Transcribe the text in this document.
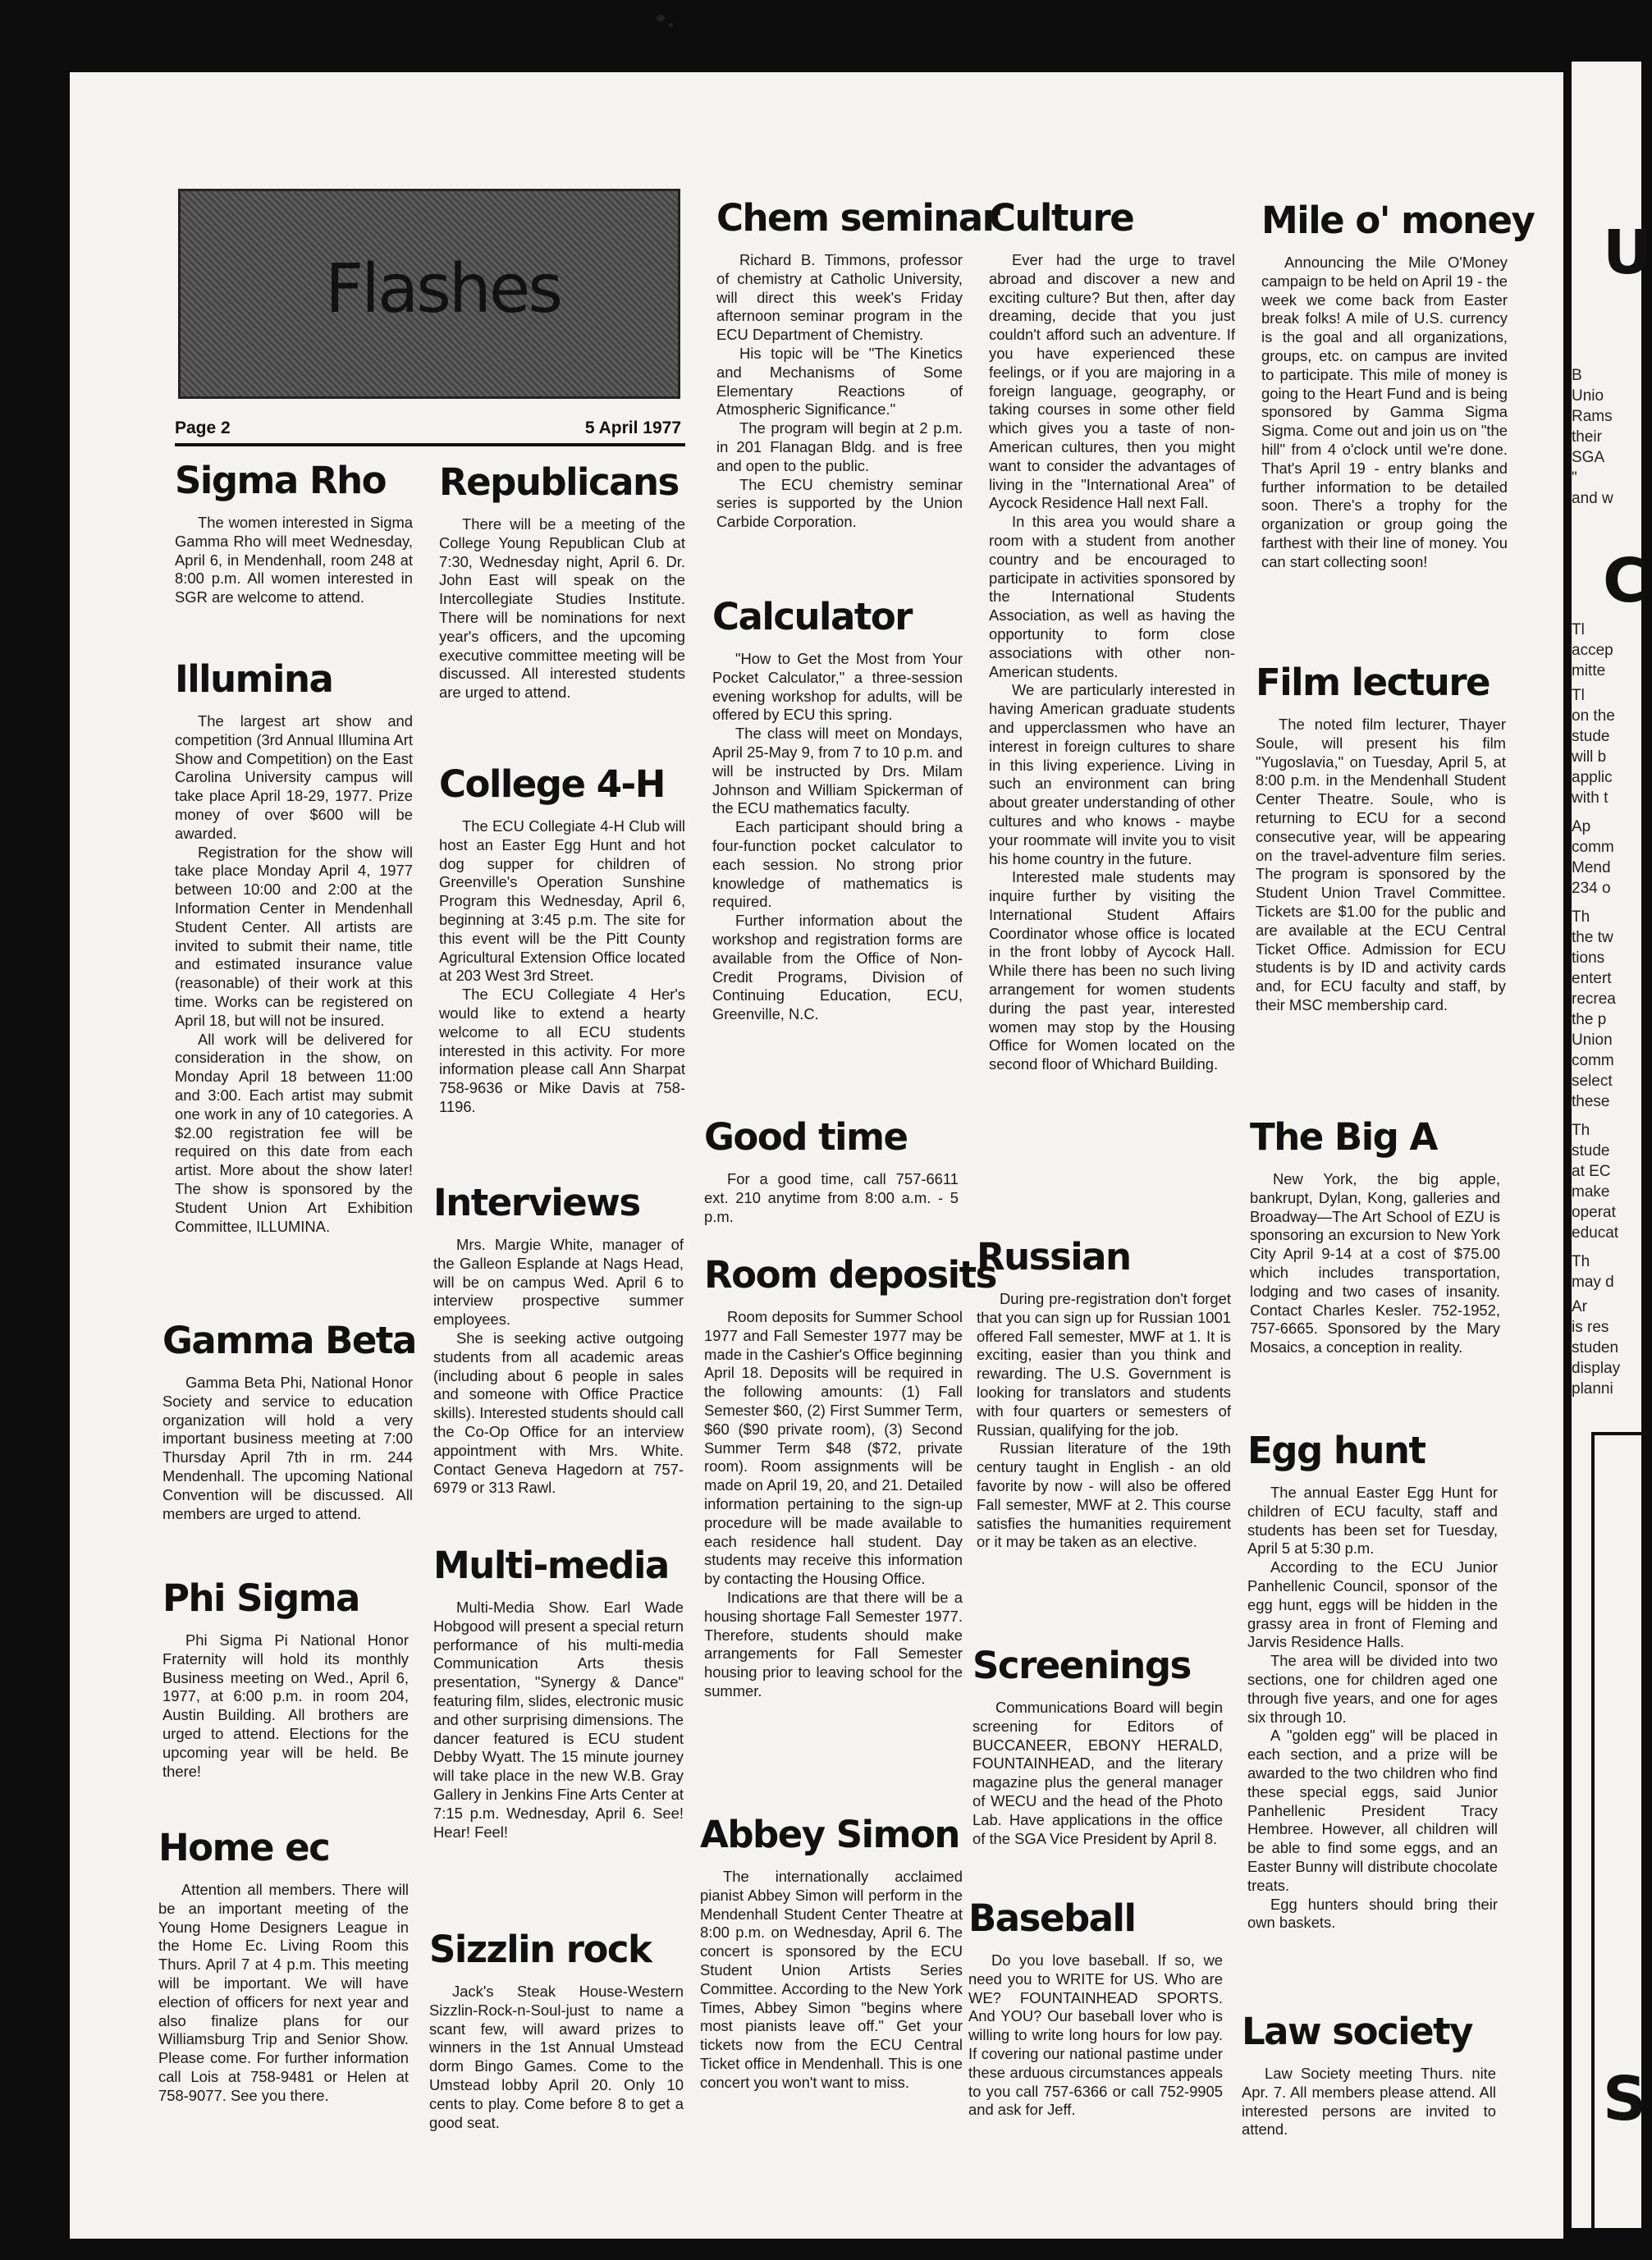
Flashes
Page 2	5 April 1977
Sigma Rho

The women interested in Sigma Gamma Rho will meet Wednesday, April 6, in Mendenhall, room 248 at 8:00 p.m. All women interested in SGR are welcome to attend.

Illumina

The largest art show and competition (3rd Annual Illumina Art Show and Competition) on the East Carolina University campus will take place April 18-29, 1977. Prize money of over $600 will be awarded.

Registration for the show will take place Monday April 4, 1977 between 10:00 and 2:00 at the Information Center in Mendenhall Student Center. All artists are invited to submit their name, title and estimated insurance value (reasonable) of their work at this time. Works can be registered on April 18, but will not be insured.

All work will be delivered for consideration in the show, on Monday April 18 between 11:00 and 3:00. Each artist may submit one work in any of 10 categories. A $2.00 registration fee will be required on this date from each artist. More about the show later! The show is sponsored by the Student Union Art Exhibition Committee, ILLUMINA.

Gamma Beta

Gamma Beta Phi, National Honor Society and service to education organization will hold a very important business meeting at 7:00 Thursday April 7th in rm. 244 Mendenhall. The upcoming National Convention will be discussed. All members are urged to attend.

Phi Sigma

Phi Sigma Pi National Honor Fraternity will hold its monthly Business meeting on Wed., April 6, 1977, at 6:00 p.m. in room 204, Austin Building. All brothers are urged to attend. Elections for the upcoming year will be held. Be there!

Home ec

Attention all members. There will be an important meeting of the Young Home Designers League in the Home Ec. Living Room this Thurs. April 7 at 4 p.m. This meeting will be important. We will have election of officers for next year and also finalize plans for our Williamsburg Trip and Senior Show. Please come. For further information call Lois at 758-9481 or Helen at 758-9077. See you there.

Republicans

There will be a meeting of the College Young Republican Club at 7:30, Wednesday night, April 6. Dr. John East will speak on the Intercollegiate Studies Institute. There will be nominations for next year's officers, and the upcoming executive committee meeting will be discussed. All interested students are urged to attend.

College 4-H

The ECU Collegiate 4-H Club will host an Easter Egg Hunt and hot dog supper for children of Greenville's Operation Sunshine Program this Wednesday, April 6, beginning at 3:45 p.m. The site for this event will be the Pitt County Agricultural Extension Office located at 203 West 3rd Street.

The ECU Collegiate 4 Her's would like to extend a hearty welcome to all ECU students interested in this activity. For more information please call Ann Sharpat 758-9636 or Mike Davis at 758-1196.

Interviews

Mrs. Margie White, manager of the Galleon Esplande at Nags Head, will be on campus Wed. April 6 to interview prospective summer employees.

She is seeking active outgoing students from all academic areas (including about 6 people in sales and someone with Office Practice skills). Interested students should call the Co-Op Office for an interview appointment with Mrs. White. Contact Geneva Hagedorn at 757-6979 or 313 Rawl.

Multi-media

Multi-Media Show. Earl Wade Hobgood will present a special return performance of his multi-media Communication Arts thesis presentation, "Synergy & Dance" featuring film, slides, electronic music and other surprising dimensions. The dancer featured is ECU student Debby Wyatt. The 15 minute journey will take place in the new W.B. Gray Gallery in Jenkins Fine Arts Center at 7:15 p.m. Wednesday, April 6. See! Hear! Feel!

Sizzlin rock

Jack's Steak House-Western Sizzlin-Rock-n-Soul-just to name a scant few, will award prizes to winners in the 1st Annual Umstead dorm Bingo Games. Come to the Umstead lobby April 20. Only 10 cents to play. Come before 8 to get a good seat.

Chem seminar

Richard B. Timmons, professor of chemistry at Catholic University, will direct this week's Friday afternoon seminar program in the ECU Department of Chemistry.

His topic will be "The Kinetics and Mechanisms of Some Elementary Reactions of Atmospheric Significance."

The program will begin at 2 p.m. in 201 Flanagan Bldg. and is free and open to the public.

The ECU chemistry seminar series is supported by the Union Carbide Corporation.

Calculator

"How to Get the Most from Your Pocket Calculator," a three-session evening workshop for adults, will be offered by ECU this spring.

The class will meet on Mondays, April 25-May 9, from 7 to 10 p.m. and will be instructed by Drs. Milam Johnson and William Spickerman of the ECU mathematics faculty.

Each participant should bring a four-function pocket calculator to each session. No strong prior knowledge of mathematics is required.

Further information about the workshop and registration forms are available from the Office of Non-Credit Programs, Division of Continuing Education, ECU, Greenville, N.C.

Good time

For a good time, call 757-6611 ext. 210 anytime from 8:00 a.m. - 5 p.m.

Room deposits

Room deposits for Summer School 1977 and Fall Semester 1977 may be made in the Cashier's Office beginning April 18. Deposits will be required in the following amounts: (1) Fall Semester $60, (2) First Summer Term, $60 ($90 private room), (3) Second Summer Term $48 ($72, private room). Room assignments will be made on April 19, 20, and 21. Detailed information pertaining to the sign-up procedure will be made available to each residence hall student. Day students may receive this information by contacting the Housing Office.

Indications are that there will be a housing shortage Fall Semester 1977. Therefore, students should make arrangements for Fall Semester housing prior to leaving school for the summer.

Abbey Simon

The internationally acclaimed pianist Abbey Simon will perform in the Mendenhall Student Center Theatre at 8:00 p.m. on Wednesday, April 6. The concert is sponsored by the ECU Student Union Artists Series Committee. According to the New York Times, Abbey Simon "begins where most pianists leave off." Get your tickets now from the ECU Central Ticket office in Mendenhall. This is one concert you won't want to miss.

Culture

Ever had the urge to travel abroad and discover a new and exciting culture? But then, after day dreaming, decide that you just couldn't afford such an adventure. If you have experienced these feelings, or if you are majoring in a foreign language, geography, or taking courses in some other field which gives you a taste of non-American cultures, then you might want to consider the advantages of living in the "International Area" of Aycock Residence Hall next Fall.

In this area you would share a room with a student from another country and be encouraged to participate in activities sponsored by the International Students Association, as well as having the opportunity to form close associations with other non-American students.

We are particularly interested in having American graduate students and upperclassmen who have an interest in foreign cultures to share in this living experience. Living in such an environment can bring about greater understanding of other cultures and who knows - maybe your roommate will invite you to visit his home country in the future.

Interested male students may inquire further by visiting the International Student Affairs Coordinator whose office is located in the front lobby of Aycock Hall. While there has been no such living arrangement for women students during the past year, interested women may stop by the Housing Office for Women located on the second floor of Whichard Building.

Russian

During pre-registration don't forget that you can sign up for Russian 1001 offered Fall semester, MWF at 1. It is exciting, easier than you think and rewarding. The U.S. Government is looking for translators and students with four quarters or semesters of Russian, qualifying for the job.

Russian literature of the 19th century taught in English - an old favorite by now - will also be offered Fall semester, MWF at 2. This course satisfies the humanities requirement or it may be taken as an elective.

Screenings

Communications Board will begin screening for Editors of BUCCANEER, EBONY HERALD, FOUNTAINHEAD, and the literary magazine plus the general manager of WECU and the head of the Photo Lab. Have applications in the office of the SGA Vice President by April 8.

Baseball

Do you love baseball. If so, we need you to WRITE for US. Who are WE? FOUNTAINHEAD SPORTS. And YOU? Our baseball lover who is willing to write long hours for low pay. If covering our national pastime under these arduous circumstances appeals to you call 757-6366 or call 752-9905 and ask for Jeff.

Mile o' money

Announcing the Mile O'Money campaign to be held on April 19 - the week we come back from Easter break folks! A mile of U.S. currency is the goal and all organizations, groups, etc. on campus are invited to participate. This mile of money is going to the Heart Fund and is being sponsored by Gamma Sigma Sigma. Come out and join us on "the hill" from 4 o'clock until we're done. That's April 19 - entry blanks and further information to be detailed soon. There's a trophy for the organization or group going the farthest with their line of money. You can start collecting soon!

Film lecture

The noted film lecturer, Thayer Soule, will present his film "Yugoslavia," on Tuesday, April 5, at 8:00 p.m. in the Mendenhall Student Center Theatre. Soule, who is returning to ECU for a second consecutive year, will be appearing on the travel-adventure film series. The program is sponsored by the Student Union Travel Committee. Tickets are $1.00 for the public and are available at the ECU Central Ticket Office. Admission for ECU students is by ID and activity cards and, for ECU faculty and staff, by their MSC membership card.

The Big A

New York, the big apple, bankrupt, Dylan, Kong, galleries and Broadway—The Art School of EZU is sponsoring an excursion to New York City April 9-14 at a cost of $75.00 which includes transportation, lodging and two cases of insanity. Contact Charles Kesler. 752-1952, 757-6665. Sponsored by the Mary Mosaics, a conception in reality.

Egg hunt

The annual Easter Egg Hunt for children of ECU faculty, staff and students has been set for Tuesday, April 5 at 5:30 p.m.

According to the ECU Junior Panhellenic Council, sponsor of the egg hunt, eggs will be hidden in the grassy area in front of Fleming and Jarvis Residence Halls.

The area will be divided into two sections, one for children aged one through five years, and one for ages six through 10.

A "golden egg" will be placed in each section, and a prize will be awarded to the two children who find these special eggs, said Junior Panhellenic President Tracy Hembree. However, all children will be able to find some eggs, and an Easter Bunny will distribute chocolate treats.

Egg hunters should bring their own baskets.

Law society

Law Society meeting Thurs. nite Apr. 7. All members please attend. All interested persons are invited to attend.

U
C
S
B
Unio
Rams
their
SGA
"
and w
Tl
accep
mitte
Tl
on the
stude
will b
applic
with t
Ap
comm
Mend
234 o
Th
the tw
tions
entert
recrea
the p
Union
comm
select
these
Th
stude
at EC
make
operat
educat
Th
may d
Ar
is res
studen
display
planni
